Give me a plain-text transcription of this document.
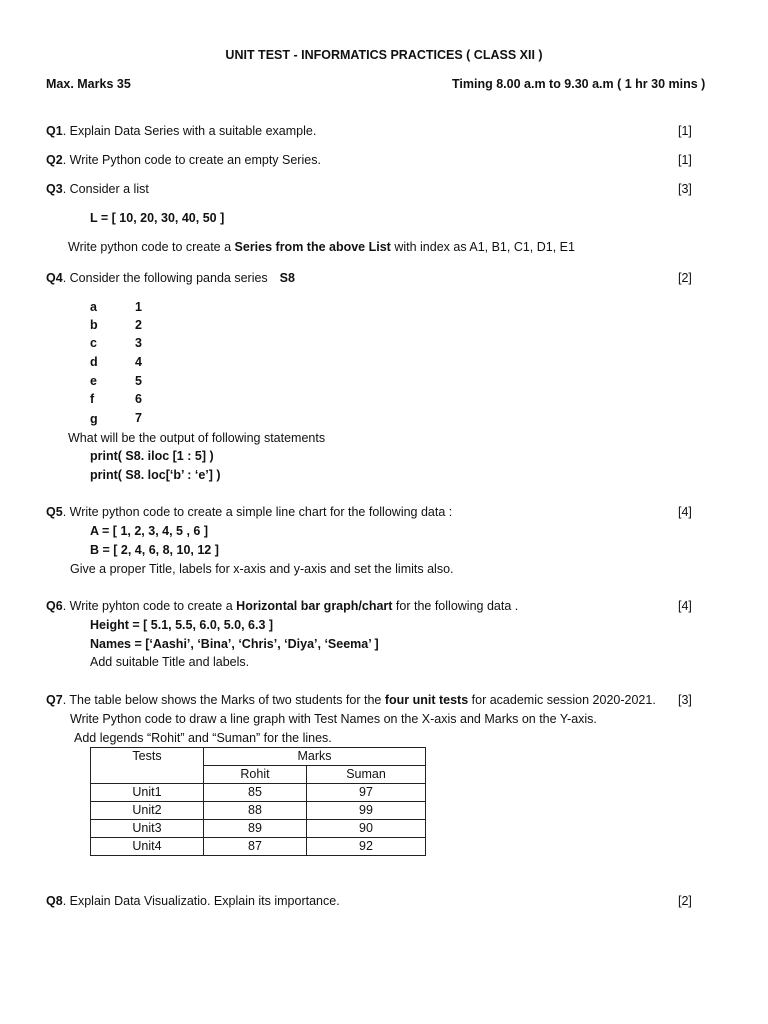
UNIT TEST - INFORMATICS PRACTICES ( CLASS XII )
Max. Marks 35	Timing 8.00 a.m to 9.30 a.m ( 1 hr 30 mins )
Q1. Explain Data Series with a suitable example.	[1]
Q2. Write Python code to create an empty Series.	[1]
Q3. Consider a list	[3]
L = [ 10, 20, 30, 40, 50 ]
Write python code to create a Series from the above List with index as A1, B1, C1, D1, E1
Q4. Consider the following panda series S8	[2]
a	1
b	2
c	3
d	4
e	5
f	6
g	7
What will be the output of following statements
print( S8. iloc [1 : 5] )
print( S8. loc[‘b’ : ‘e’] )
Q5. Write python code to create a simple line chart for the following data :	[4]
A = [ 1, 2, 3, 4, 5 , 6 ]
B = [ 2, 4, 6, 8, 10, 12 ]
Give a proper Title, labels for x-axis and y-axis and set the limits also.
Q6. Write pyhton code to create a Horizontal bar graph/chart for the following data .	[4]
Height = [ 5.1, 5.5, 6.0, 5.0, 6.3 ]
Names = [‘Aashi’, ‘Bina’, ‘Chris’, ‘Diya’, ‘Seema’ ]
Add suitable Title and labels.
Q7. The table below shows the Marks of two students for the four unit tests for academic session 2020-2021. [3]
Write Python code to draw a line graph with Test Names on the X-axis and Marks on the Y-axis.
Add legends “Rohit” and “Suman” for the lines.
Tests	Marks	
	Rohit	Suman
Unit1	85	97
Unit2	88	99
Unit3	89	90
Unit4	87	92
Q8. Explain Data Visualizatio. Explain its importance.	[2]
